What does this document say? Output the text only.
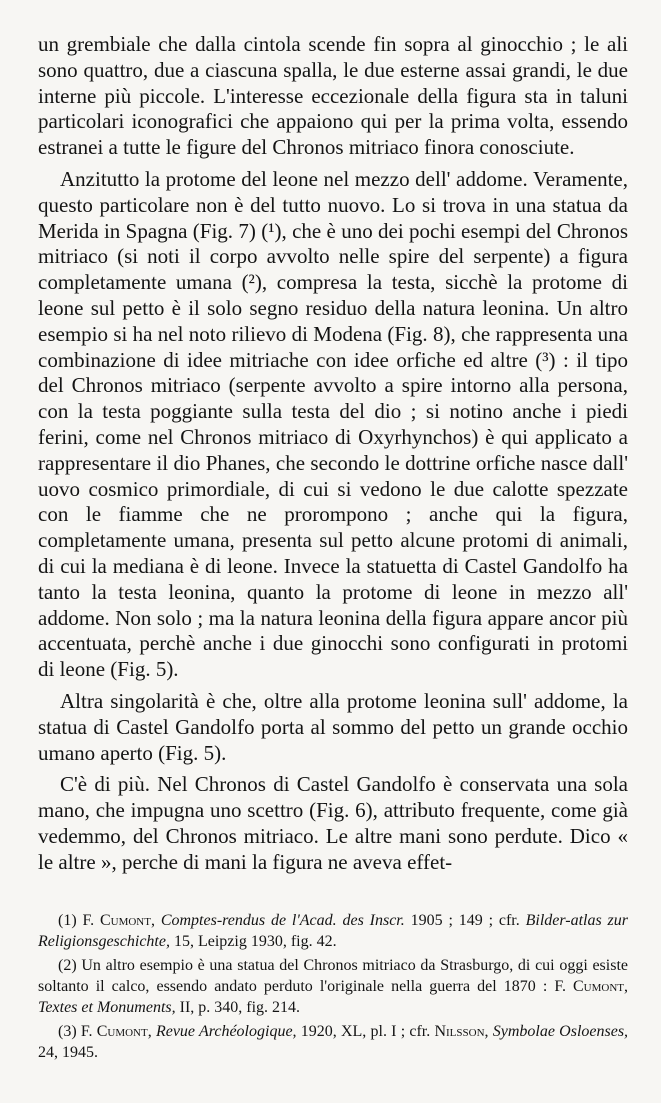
un grembiale che dalla cintola scende fin sopra al ginocchio ; le ali sono quattro, due a ciascuna spalla, le due esterne assai grandi, le due interne più piccole. L'interesse eccezionale della figura sta in taluni particolari iconografici che appaiono qui per la prima volta, essendo estranei a tutte le figure del Chronos mitriaco finora conosciute.

Anzitutto la protome del leone nel mezzo dell' addome. Veramente, questo particolare non è del tutto nuovo. Lo si trova in una statua da Merida in Spagna (Fig. 7) (¹), che è uno dei pochi esempi del Chronos mitriaco (si noti il corpo avvolto nelle spire del serpente) a figura completamente umana (²), compresa la testa, sicchè la protome di leone sul petto è il solo segno residuo della natura leonina. Un altro esempio si ha nel noto rilievo di Modena (Fig. 8), che rappresenta una combinazione di idee mitriache con idee orfiche ed altre (³) : il tipo del Chronos mitriaco (serpente avvolto a spire intorno alla persona, con la testa poggiante sulla testa del dio ; si notino anche i piedi ferini, come nel Chronos mitriaco di Oxyrhynchos) è qui applicato a rappresentare il dio Phanes, che secondo le dottrine orfiche nasce dall' uovo cosmico primordiale, di cui si vedono le due calotte spezzate con le fiamme che ne prorompono ; anche qui la figura, completamente umana, presenta sul petto alcune protomi di animali, di cui la mediana è di leone. Invece la statuetta di Castel Gandolfo ha tanto la testa leonina, quanto la protome di leone in mezzo all' addome. Non solo ; ma la natura leonina della figura appare ancor più accentuata, perchè anche i due ginocchi sono configurati in protomi di leone (Fig. 5).

Altra singolarità è che, oltre alla protome leonina sull' addome, la statua di Castel Gandolfo porta al sommo del petto un grande occhio umano aperto (Fig. 5).

C'è di più. Nel Chronos di Castel Gandolfo è conservata una sola mano, che impugna uno scettro (Fig. 6), attributo frequente, come già vedemmo, del Chronos mitriaco. Le altre mani sono perdute. Dico « le altre », perche di mani la figura ne aveva effet-

(1) F. Cumont, Comptes-rendus de l'Acad. des Inscr. 1905 ; 149 ; cfr. Bilder-atlas zur Religionsgeschichte, 15, Leipzig 1930, fig. 42.

(2) Un altro esempio è una statua del Chronos mitriaco da Strasburgo, di cui oggi esiste soltanto il calco, essendo andato perduto l'originale nella guerra del 1870 : F. Cumont, Textes et Monuments, II, p. 340, fig. 214.

(3) F. Cumont, Revue Archéologique, 1920, XL, pl. I ; cfr. Nilsson, Symbolae Osloenses, 24, 1945.
